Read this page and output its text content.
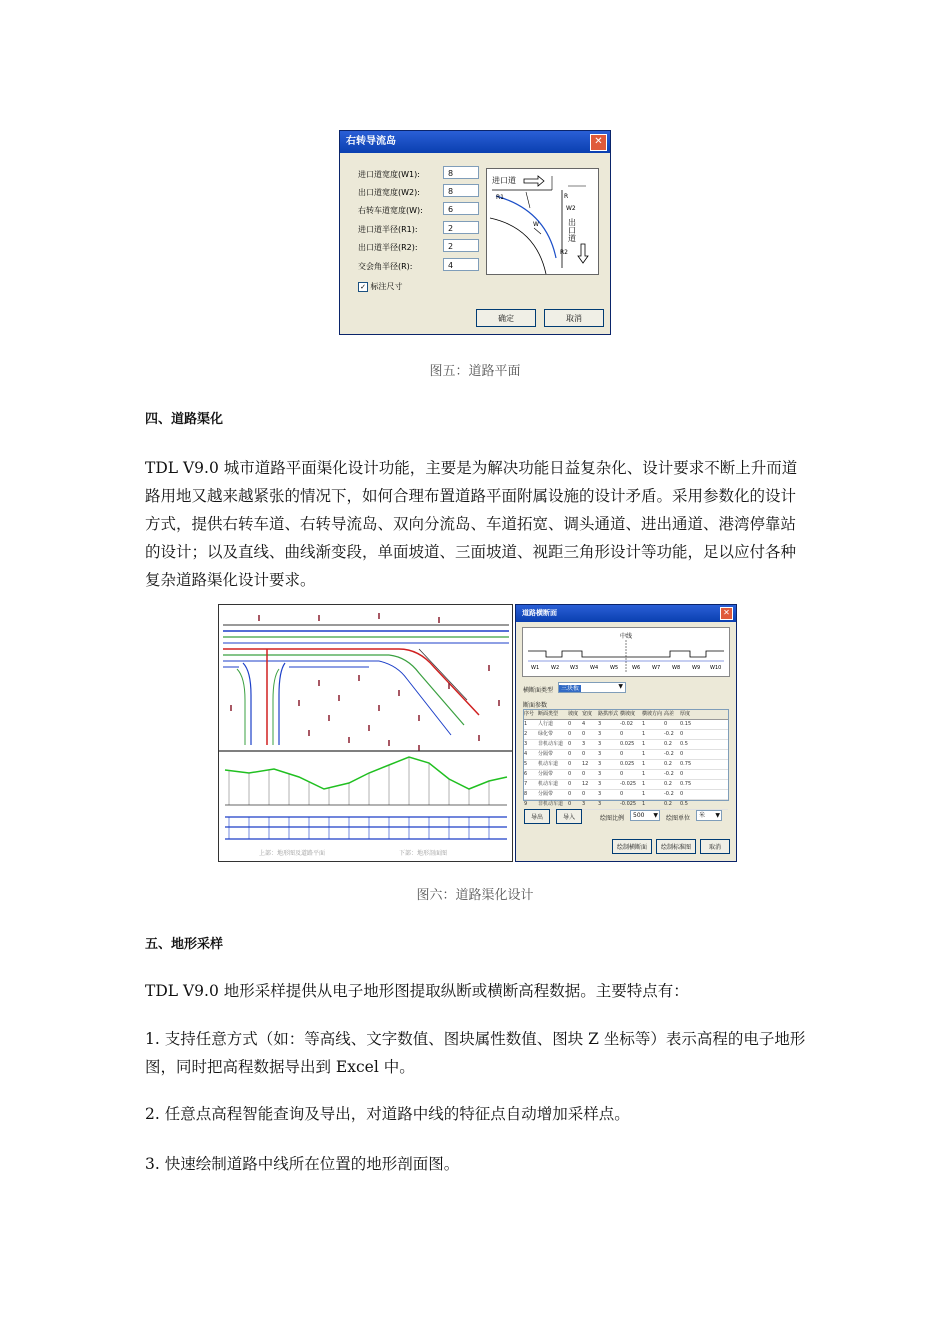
右转导流岛	✕
进口道宽度(W1):	8
出口道宽度(W2):	8
右转车道宽度(W):	6
进口道半径(R1):	2
出口道半径(R2):	2
交会角半径(R):	4
✓ 标注尺寸
进口道
出口道
R1	R
W2
W
R2
确定	取消
图五：道路平面
四、道路渠化

TDL V9.0 城市道路平面渠化设计功能，主要是为解决功能日益复杂化、设计要求不断上升而道路用地又越来越紧张的情况下，如何合理布置道路平面附属设施的设计矛盾。采用参数化的设计方式，提供右转车道、右转导流岛、双向分流岛、车道拓宽、调头通道、进出通道、港湾停靠站的设计；以及直线、曲线渐变段，单面坡道、三面坡道、视距三角形设计等功能，足以应付各种复杂道路渠化设计要求。

上部：地形图及道路平面	下部：地形剖面图
道路横断面	✕
中线
W1 W2 W3 W4 W5	W6 W7 W8 W9 W10
横断面类型	三块板	▼
断面参数
序号 断面类型	坡度 宽度	路拱形式 横坡度	横坡方向 高差	厚度
1	人行道	0	4	3	-0.02	1	0	0.15
2	绿化带	0	0	3	0	1	-0.2	0
3	非机动车道 0	3	3	0.025	1	0.2	0.5
4	分隔带	0	0	3	0	1	-0.2	0
5	机动车道	0	12	3	0.025	1	0.2	0.75
6	分隔带	0	0	3	0	1	-0.2	0
7	机动车道	0	12	3	-0.025	1	0.2	0.75
8	分隔带	0	0	3	0	1	-0.2	0
9	非机动车道 0	3	3	-0.025	1	0.2	0.5
导出	导入	绘图比例	500 ▼ 绘图单位	米 ▼
绘制横断面	绘制标准图	取消
图六：道路渠化设计
五、地形采样
TDL V9.0 地形采样提供从电子地形图提取纵断或横断高程数据。主要特点有：
1. 支持任意方式（如：等高线、文字数值、图块属性数值、图块 Z 坐标等）表示高程的电子地形图，同时把高程数据导出到 Excel 中。
2. 任意点高程智能查询及导出，对道路中线的特征点自动增加采样点。
3. 快速绘制道路中线所在位置的地形剖面图。
